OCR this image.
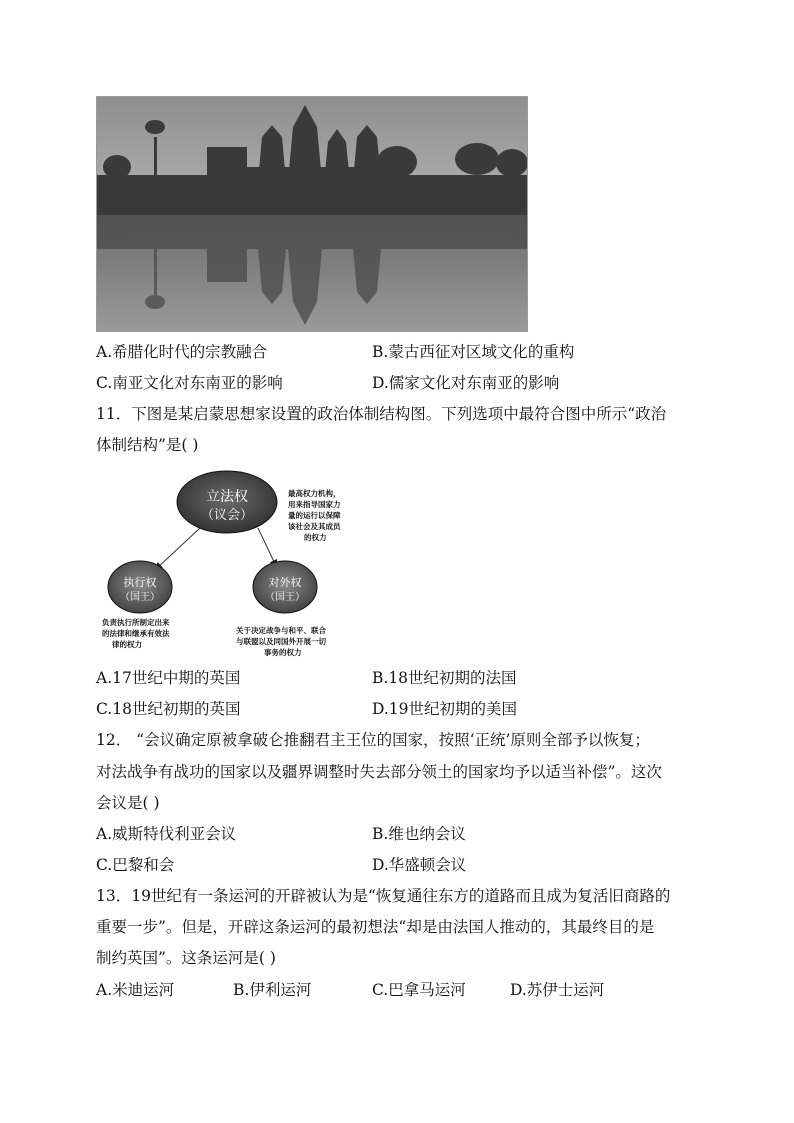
A.希腊化时代的宗教融合	B.蒙古西征对区域文化的重构
C.南亚文化对东南亚的影响	D.儒家文化对东南亚的影响
11．下图是某启蒙思想家设置的政治体制结构图。下列选项中最符合图中所示“政治
体制结构”是( )
立法权
（议会）
执行权
（国王）
对外权
（国王）
最高权力机构，
用来指导国家力
量的运行以保障
该社会及其成员
的权力
负责执行所制定出来
的法律和继承有效法
律的权力
关于决定战争与和平、联合
与联盟以及同国外开展一切
事务的权力
A.17世纪中期的英国	B.18世纪初期的法国
C.18世纪初期的英国	D.19世纪初期的美国
12． “会议确定原被拿破仑推翻君主王位的国家，按照‘正统’原则全部予以恢复；
对法战争有战功的国家以及疆界调整时失去部分领土的国家均予以适当补偿”。这次
会议是( )
A.威斯特伐利亚会议	B.维也纳会议
C.巴黎和会	D.华盛顿会议
13．19世纪有一条运河的开辟被认为是“恢复通往东方的道路而且成为复活旧商路的
重要一步”。但是，开辟这条运河的最初想法“却是由法国人推动的，其最终目的是
制约英国”。这条运河是( )
A.米迪运河	B.伊利运河	C.巴拿马运河	D.苏伊士运河
